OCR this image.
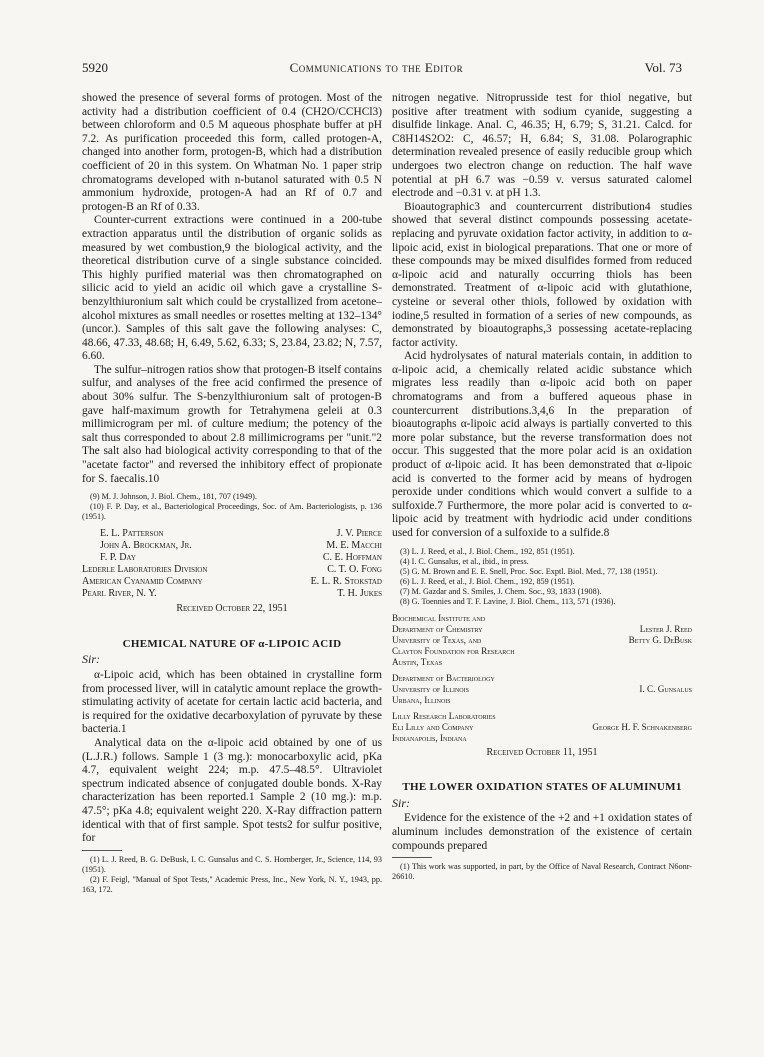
5920	Communications to the Editor	Vol. 73

showed the presence of several forms of protogen. Most of the activity had a distribution coefficient of 0.4 (CH2O/CCHCl3) between chloroform and 0.5 M aqueous phosphate buffer at pH 7.2. As purification proceeded this form, called protogen-A, changed into another form, protogen-B, which had a distribution coefficient of 20 in this system. On Whatman No. 1 paper strip chromatograms developed with n-butanol saturated with 0.5 N ammonium hydroxide, protogen-A had an Rf of 0.7 and protogen-B an Rf of 0.33.

Counter-current extractions were continued in a 200-tube extraction apparatus until the distribution of organic solids as measured by wet combustion,9 the biological activity, and the theoretical distribution curve of a single substance coincided. This highly purified material was then chromatographed on silicic acid to yield an acidic oil which gave a crystalline S-benzylthiuronium salt which could be crystallized from acetone–alcohol mixtures as small needles or rosettes melting at 132–134° (uncor.). Samples of this salt gave the following analyses: C, 48.66, 47.33, 48.68; H, 6.49, 5.62, 6.33; S, 23.84, 23.82; N, 7.57, 6.60.

The sulfur–nitrogen ratios show that protogen-B itself contains sulfur, and analyses of the free acid confirmed the presence of about 30% sulfur. The S-benzylthiuronium salt of protogen-B gave half-maximum growth for Tetrahymena geleii at 0.3 millimicrogram per ml. of culture medium; the potency of the salt thus corresponded to about 2.8 millimicrograms per "unit."2 The salt also had biological activity corresponding to that of the "acetate factor" and reversed the inhibitory effect of propionate for S. faecalis.10

(9) M. J. Johnson, J. Biol. Chem., 181, 707 (1949).

(10) F. P. Day, et al., Bacteriological Proceedings, Soc. of Am. Bacteriologists, p. 136 (1951).

E. L. Patterson	J. V. Pierce
John A. Brockman, Jr.	M. E. Macchi
F. P. Day	C. E. Hoffman
Lederle Laboratories Division	C. T. O. Fong
American Cyanamid Company	E. L. R. Stokstad
Pearl River, N. Y.	T. H. Jukes
Received October 22, 1951
CHEMICAL NATURE OF α-LIPOIC ACID
Sir:

α-Lipoic acid, which has been obtained in crystalline form from processed liver, will in catalytic amount replace the growth-stimulating activity of acetate for certain lactic acid bacteria, and is required for the oxidative decarboxylation of pyruvate by these bacteria.1

Analytical data on the α-lipoic acid obtained by one of us (L.J.R.) follows. Sample 1 (3 mg.): monocarboxylic acid, pKa 4.7, equivalent weight 224; m.p. 47.5–48.5°. Ultraviolet spectrum indicated absence of conjugated double bonds. X-Ray characterization has been reported.1 Sample 2 (10 mg.): m.p. 47.5°; pKa 4.8; equivalent weight 220. X-Ray diffraction pattern identical with that of first sample. Spot tests2 for sulfur positive, for

(1) L. J. Reed, B. G. DeBusk, I. C. Gunsalus and C. S. Hornberger, Jr., Science, 114, 93 (1951).

(2) F. Feigl, "Manual of Spot Tests," Academic Press, Inc., New York, N. Y., 1943, pp. 163, 172.

nitrogen negative. Nitroprusside test for thiol negative, but positive after treatment with sodium cyanide, suggesting a disulfide linkage. Anal. C, 46.35; H, 6.79; S, 31.21. Calcd. for C8H14S2O2: C, 46.57; H, 6.84; S, 31.08. Polarographic determination revealed presence of easily reducible group which undergoes two electron change on reduction. The half wave potential at pH 6.7 was −0.59 v. versus saturated calomel electrode and −0.31 v. at pH 1.3.

Bioautographic3 and countercurrent distribution4 studies showed that several distinct compounds possessing acetate-replacing and pyruvate oxidation factor activity, in addition to α-lipoic acid, exist in biological preparations. That one or more of these compounds may be mixed disulfides formed from reduced α-lipoic acid and naturally occurring thiols has been demonstrated. Treatment of α-lipoic acid with glutathione, cysteine or several other thiols, followed by oxidation with iodine,5 resulted in formation of a series of new compounds, as demonstrated by bioautographs,3 possessing acetate-replacing factor activity.

Acid hydrolysates of natural materials contain, in addition to α-lipoic acid, a chemically related acidic substance which migrates less readily than α-lipoic acid both on paper chromatograms and from a buffered aqueous phase in countercurrent distributions.3,4,6 In the preparation of bioautographs α-lipoic acid always is partially converted to this more polar substance, but the reverse transformation does not occur. This suggested that the more polar acid is an oxidation product of α-lipoic acid. It has been demonstrated that α-lipoic acid is converted to the former acid by means of hydrogen peroxide under conditions which would convert a sulfide to a sulfoxide.7 Furthermore, the more polar acid is converted to α-lipoic acid by treatment with hydriodic acid under conditions used for conversion of a sulfoxide to a sulfide.8

(3) L. J. Reed, et al., J. Biol. Chem., 192, 851 (1951).

(4) I. C. Gunsalus, et al., ibid., in press.

(5) G. M. Brown and E. E. Snell, Proc. Soc. Exptl. Biol. Med., 77, 138 (1951).

(6) L. J. Reed, et al., J. Biol. Chem., 192, 859 (1951).

(7) M. Gazdar and S. Smiles, J. Chem. Soc., 93, 1833 (1908).

(8) G. Toennies and T. F. Lavine, J. Biol. Chem., 113, 571 (1936).

Biochemical Institute and
Department of Chemistry	Lester J. Reed
University of Texas, and	Betty G. DeBusk
Clayton Foundation for Research
Austin, Texas
Department of Bacteriology
University of Illinois	I. C. Gunsalus
Urbana, Illinois
Lilly Research Laboratories
Eli Lilly and Company	George H. F. Schnakenberg
Indianapolis, Indiana
Received October 11, 1951
THE LOWER OXIDATION STATES OF ALUMINUM1
Sir:

Evidence for the existence of the +2 and +1 oxidation states of aluminum includes demonstration of the existence of certain compounds prepared

(1) This work was supported, in part, by the Office of Naval Research, Contract N6onr-26610.
